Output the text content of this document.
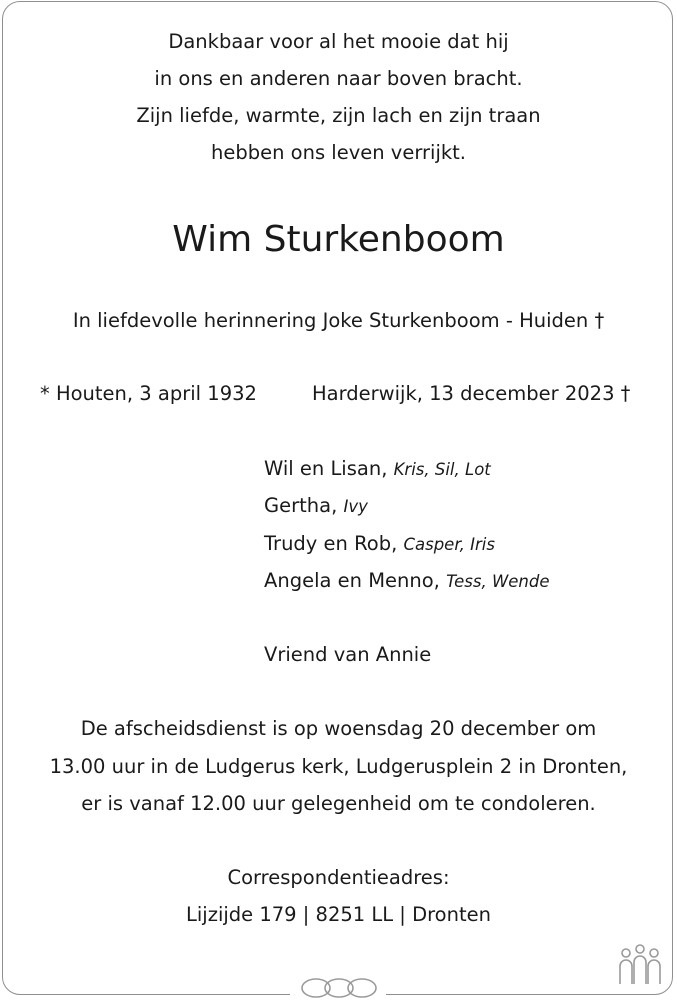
Dankbaar voor al het mooie dat hij
in ons en anderen naar boven bracht.
Zijn liefde, warmte, zijn lach en zijn traan
hebben ons leven verrijkt.
Wim Sturkenboom
In liefdevolle herinnering Joke Sturkenboom - Huiden †
* Houten, 3 april 1932	Harderwijk, 13 december 2023 †
Wil en Lisan, Kris, Sil, Lot
Gertha, Ivy
Trudy en Rob, Casper, Iris
Angela en Menno, Tess, Wende
Vriend van Annie
De afscheidsdienst is op woensdag 20 december om
13.00 uur in de Ludgerus kerk, Ludgerusplein 2 in Dronten,
er is vanaf 12.00 uur gelegenheid om te condoleren.
Correspondentieadres:
Lijzijde 179 | 8251 LL | Dronten
